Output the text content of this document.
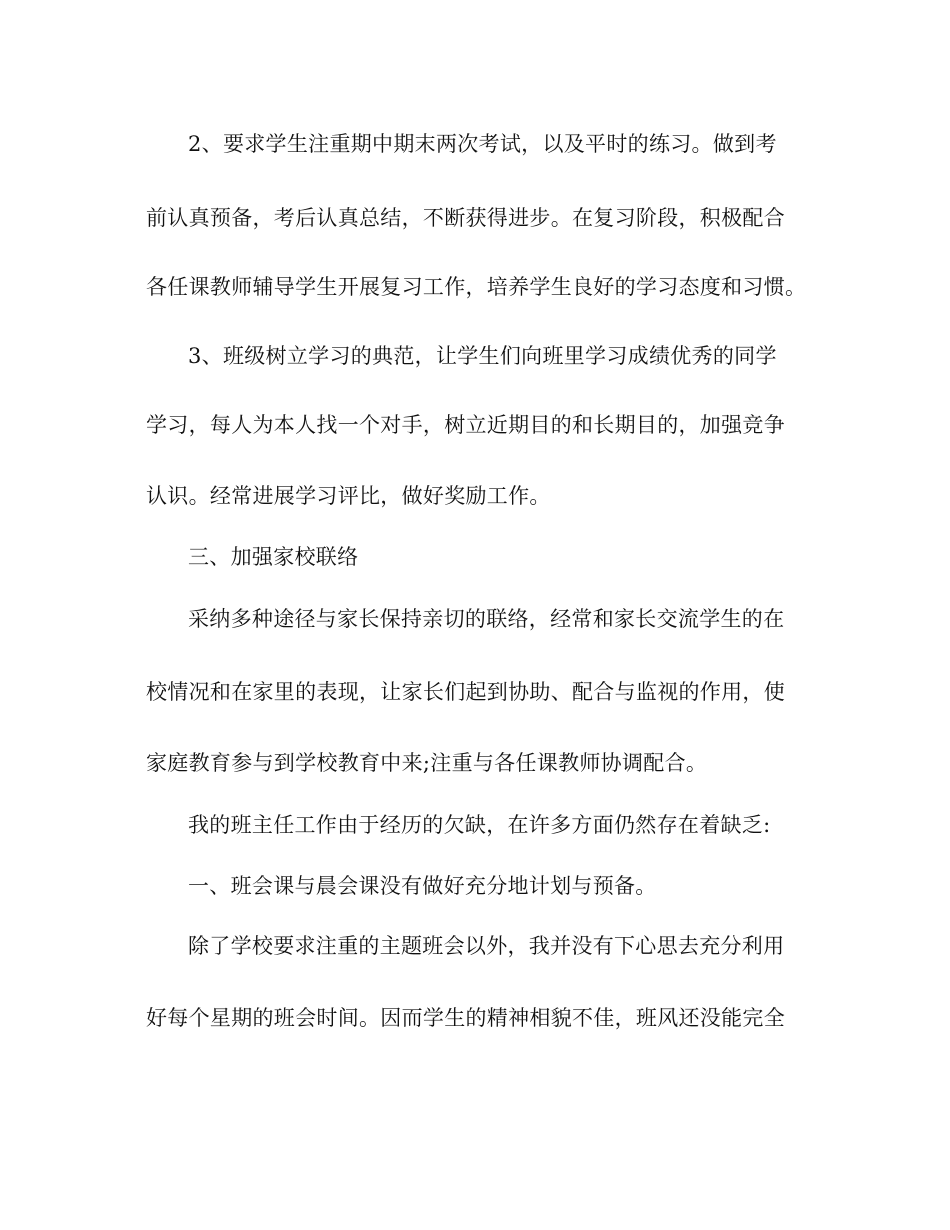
2、要求学生注重期中期末两次考试，以及平时的练习。做到考
前认真预备，考后认真总结，不断获得进步。在复习阶段，积极配合
各任课教师辅导学生开展复习工作，培养学生良好的学习态度和习惯。
3、班级树立学习的典范，让学生们向班里学习成绩优秀的同学
学习，每人为本人找一个对手，树立近期目的和长期目的，加强竞争
认识。经常进展学习评比，做好奖励工作。
三、加强家校联络
采纳多种途径与家长保持亲切的联络，经常和家长交流学生的在
校情况和在家里的表现，让家长们起到协助、配合与监视的作用，使
家庭教育参与到学校教育中来;注重与各任课教师协调配合。
我的班主任工作由于经历的欠缺，在许多方面仍然存在着缺乏:
一、班会课与晨会课没有做好充分地计划与预备。
除了学校要求注重的主题班会以外，我并没有下心思去充分利用
好每个星期的班会时间。因而学生的精神相貌不佳，班风还没能完全
